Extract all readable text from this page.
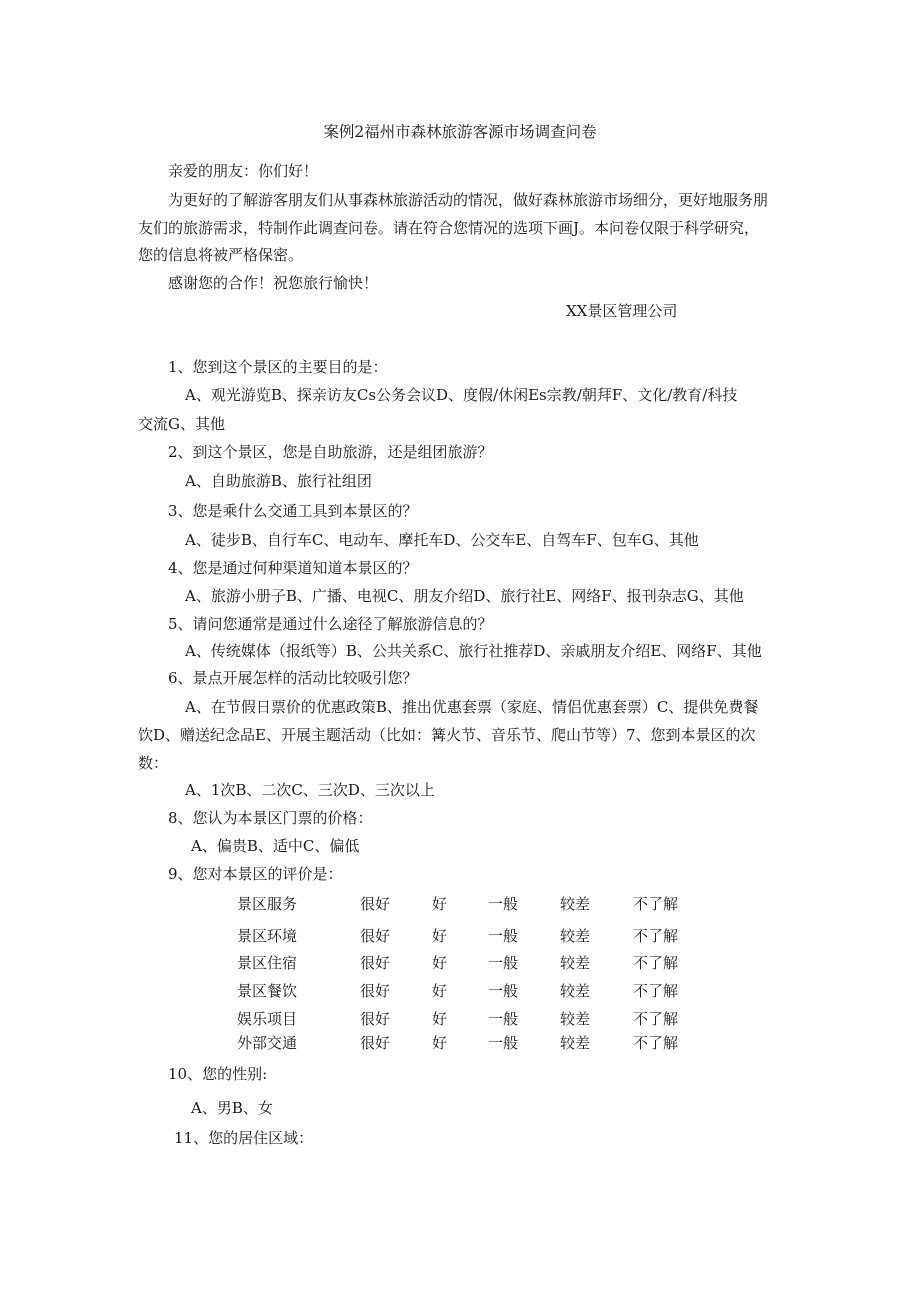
案例2福州市森林旅游客源市场调查问卷
亲爱的朋友：你们好！
为更好的了解游客朋友们从事森林旅游活动的情况，做好森林旅游市场细分，更好地服务朋
友们的旅游需求，特制作此调查问卷。请在符合您情况的选项下画J。本问卷仅限于科学研究，
您的信息将被严格保密。
感谢您的合作！祝您旅行愉快！
XX景区管理公司
1、您到这个景区的主要目的是：
A、观光游览B、探亲访友Cs公务会议D、度假/休闲Es宗教/朝拜F、文化/教育/科技
交流G、其他
2、到这个景区，您是自助旅游，还是组团旅游？
A、自助旅游B、旅行社组团
3、您是乘什么交通工具到本景区的？
A、徒步B、自行车C、电动车、摩托车D、公交车E、自驾车F、包车G、其他
4、您是通过何种渠道知道本景区的？
A、旅游小册子B、广播、电视C、朋友介绍D、旅行社E、网络F、报刊杂志G、其他
5、请问您通常是通过什么途径了解旅游信息的？
A、传统媒体（报纸等）B、公共关系C、旅行社推荐D、亲戚朋友介绍E、网络F、其他
6、景点开展怎样的活动比较吸引您？
A、在节假日票价的优惠政策B、推出优惠套票（家庭、情侣优惠套票）C、提供免费餐
饮D、赠送纪念品E、开展主题活动（比如：篝火节、音乐节、爬山节等）7、您到本景区的次
数：
A、1次B、二次C、三次D、三次以上
8、您认为本景区门票的价格：
A、偏贵B、适中C、偏低
9、您对本景区的评价是：
景区服务	很好	好	一般	较差	不了解
景区环境	很好	好	一般	较差	不了解
景区住宿	很好	好	一般	较差	不了解
景区餐饮	很好	好	一般	较差	不了解
娱乐项目	很好	好	一般	较差	不了解
外部交通	很好	好	一般	较差	不了解
10、您的性别:
A、男B、女
11、您的居住区域：
